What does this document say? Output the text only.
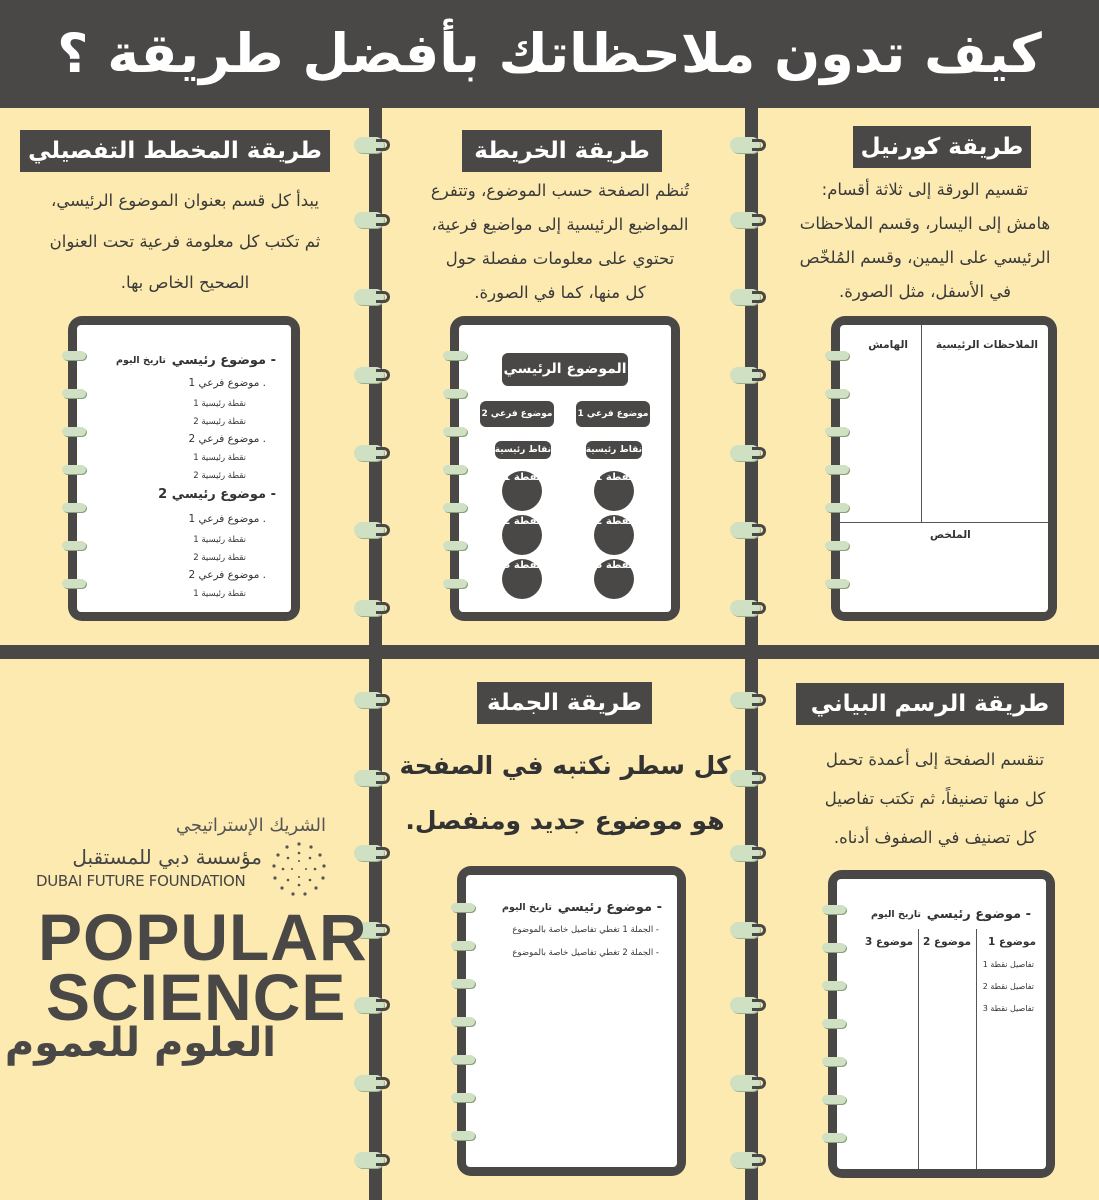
كيف تدون ملاحظاتك بأفضل طريقة ؟
طريقة كورنيل
تقسيم الورقة إلى ثلاثة أقسام:
هامش إلى اليسار، وقسم الملاحظات
الرئيسي على اليمين، وقسم المُلخّص
في الأسفل، مثل الصورة.
الملاحظات الرئيسية
الهامش
الملخص
طريقة الخريطة
تُنظم الصفحة حسب الموضوع، وتتفرع
المواضيع الرئيسية إلى مواضيع فرعية،
تحتوي على معلومات مفصلة حول
كل منها، كما في الصورة.
الموضوع الرئيسي
موضوع فرعي 1
موضوع فرعي 2
نقاط رئيسية
نقاط رئيسية
نقطة 1
نقطة 2
نقطة 3
نقطة 1
نقطة 2
نقطة 3
طريقة المخطط التفصيلي
يبدأ كل قسم بعنوان الموضوع الرئيسي،
ثم تكتب كل معلومة فرعية تحت العنوان
الصحيح الخاص بها.
- موضوع رئيسي
تاريخ اليوم
. موضوع فرعي 1
نقطة رئيسية 1
نقطة رئيسية 2
. موضوع فرعي 2
نقطة رئيسية 1
نقطة رئيسية 2
- موضوع رئيسي 2
. موضوع فرعي 1
نقطة رئيسية 1
نقطة رئيسية 2
. موضوع فرعي 2
نقطة رئيسية 1
طريقة الرسم البياني
تنقسم الصفحة إلى أعمدة تحمل
كل منها تصنيفاً، ثم تكتب تفاصيل
كل تصنيف في الصفوف أدناه.
- موضوع رئيسي
تاريخ اليوم
موضوع 1
موضوع 2
موضوع 3
تفاصيل نقطة 1
تفاصيل نقطة 2
تفاصيل نقطة 3
طريقة الجملة
كل سطر نكتبه في الصفحة
هو موضوع جديد ومنفصل.
- موضوع رئيسي
تاريخ اليوم
- الجملة 1 تغطي تفاصيل خاصة بالموضوع
- الجملة 2 تغطي تفاصيل خاصة بالموضوع
الشريك الإستراتيجي
مؤسسة دبي للمستقبل
DUBAI FUTURE FOUNDATION
POPULAR
SCIENCE
العلوم للعموم
